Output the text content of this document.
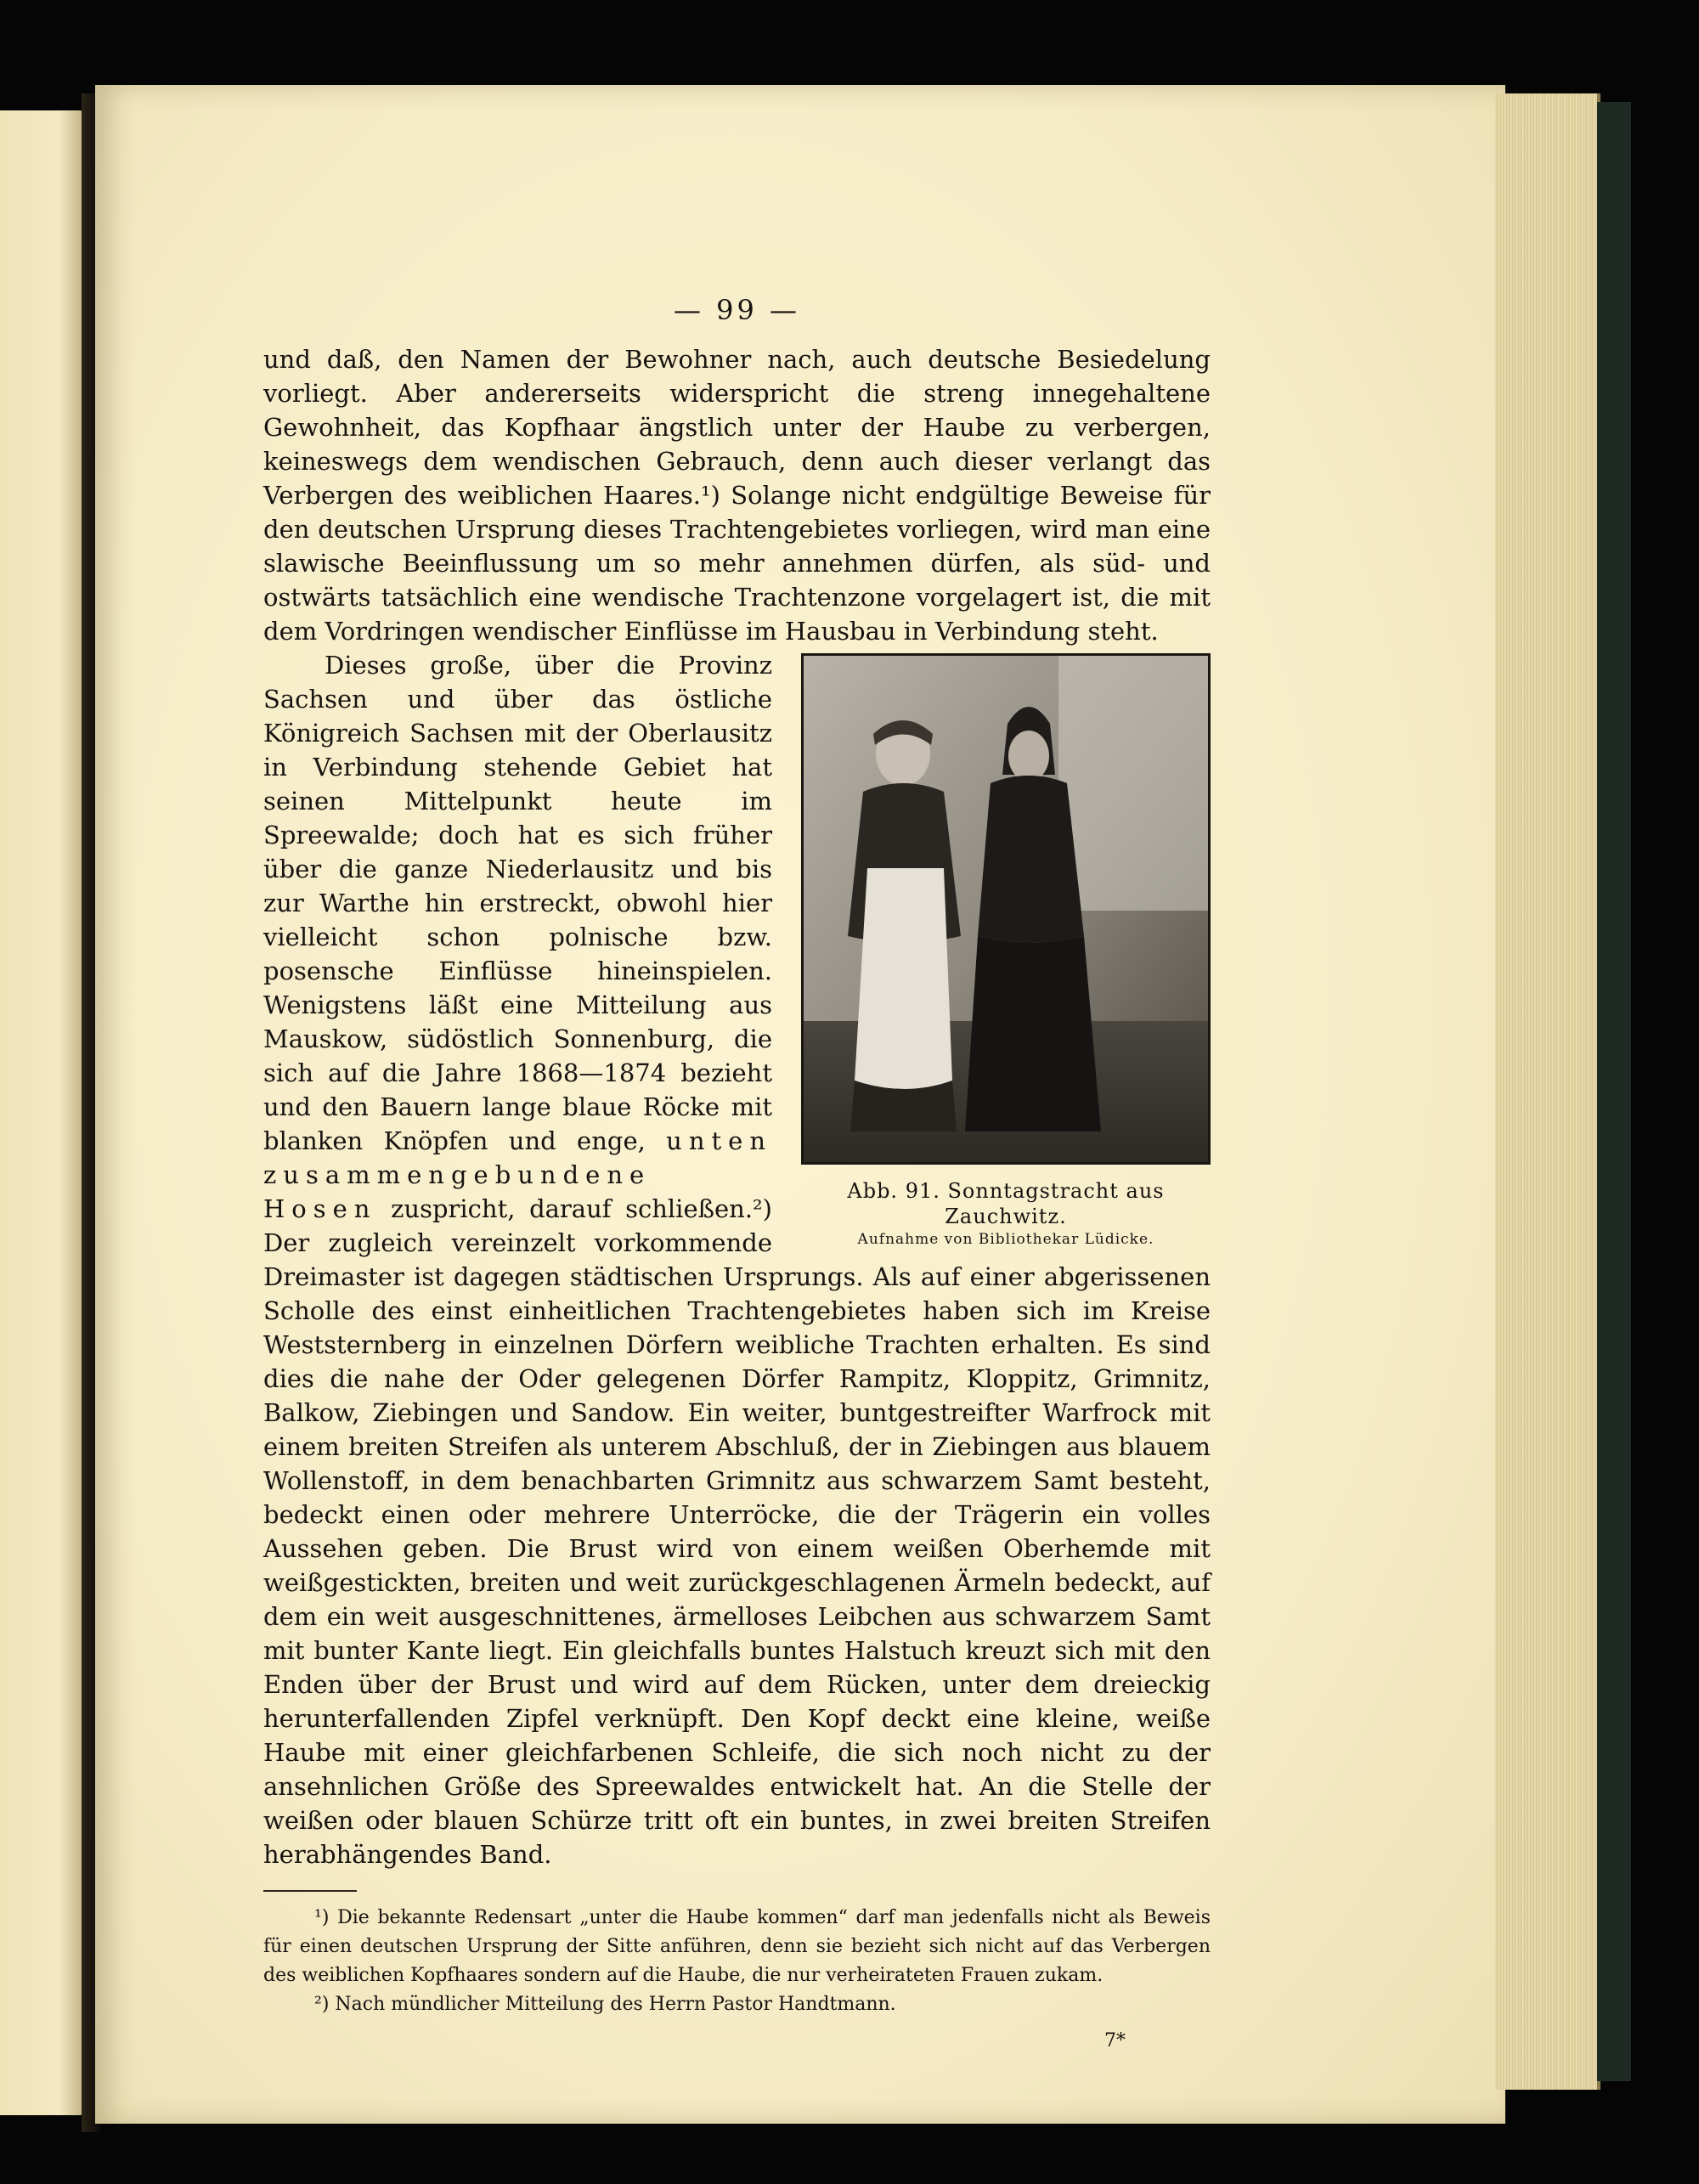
— 99 —

und daß, den Namen der Bewohner nach, auch deutsche Besiedelung vorliegt. Aber andererseits widerspricht die streng innegehaltene Gewohnheit, das Kopfhaar ängstlich unter der Haube zu verbergen, keineswegs dem wendischen Gebrauch, denn auch dieser verlangt das Verbergen des weiblichen Haares.¹) Solange nicht endgültige Beweise für den deutschen Ursprung dieses Trachtengebietes vorliegen, wird man eine slawische Beeinflussung um so mehr annehmen dürfen, als süd- und ostwärts tatsächlich eine wendische Trachtenzone vorgelagert ist, die mit dem Vordringen wendischer Einflüsse im Hausbau in Verbindung steht.

Abb. 91. Sonntagstracht aus Zauchwitz.
Aufnahme von Bibliothekar Lüdicke.

Dieses große, über die Provinz Sachsen und über das östliche Königreich Sachsen mit der Oberlausitz in Verbindung stehende Gebiet hat seinen Mittelpunkt heute im Spreewalde; doch hat es sich früher über die ganze Niederlausitz und bis zur Warthe hin erstreckt, obwohl hier vielleicht schon polnische bzw. posensche Einflüsse hineinspielen. Wenigstens läßt eine Mitteilung aus Mauskow, südöstlich Sonnenburg, die sich auf die Jahre 1868—1874 bezieht und den Bauern lange blaue Röcke mit blanken Knöpfen und enge, unten zusammengebundene Hosen zuspricht, darauf schließen.²) Der zugleich vereinzelt vorkommende Dreimaster ist dagegen städtischen Ursprungs. Als auf einer abgerissenen Scholle des einst einheitlichen Trachtengebietes haben sich im Kreise Weststernberg in einzelnen Dörfern weibliche Trachten erhalten. Es sind dies die nahe der Oder gelegenen Dörfer Rampitz, Kloppitz, Grimnitz, Balkow, Ziebingen und Sandow. Ein weiter, buntgestreifter Warfrock mit einem breiten Streifen als unterem Abschluß, der in Ziebingen aus blauem Wollenstoff, in dem benachbarten Grimnitz aus schwarzem Samt besteht, bedeckt einen oder mehrere Unterröcke, die der Trägerin ein volles Aussehen geben. Die Brust wird von einem weißen Oberhemde mit weißgestickten, breiten und weit zurückgeschlagenen Ärmeln bedeckt, auf dem ein weit ausgeschnittenes, ärmelloses Leibchen aus schwarzem Samt mit bunter Kante liegt. Ein gleichfalls buntes Halstuch kreuzt sich mit den Enden über der Brust und wird auf dem Rücken, unter dem dreieckig herunterfallenden Zipfel verknüpft. Den Kopf deckt eine kleine, weiße Haube mit einer gleichfarbenen Schleife, die sich noch nicht zu der ansehnlichen Größe des Spreewaldes entwickelt hat. An die Stelle der weißen oder blauen Schürze tritt oft ein buntes, in zwei breiten Streifen herabhängendes Band.

¹) Die bekannte Redensart „unter die Haube kommen“ darf man jedenfalls nicht als Beweis für einen deutschen Ursprung der Sitte anführen, denn sie bezieht sich nicht auf das Verbergen des weiblichen Kopfhaares sondern auf die Haube, die nur verheirateten Frauen zukam.

²) Nach mündlicher Mitteilung des Herrn Pastor Handtmann.

7*
